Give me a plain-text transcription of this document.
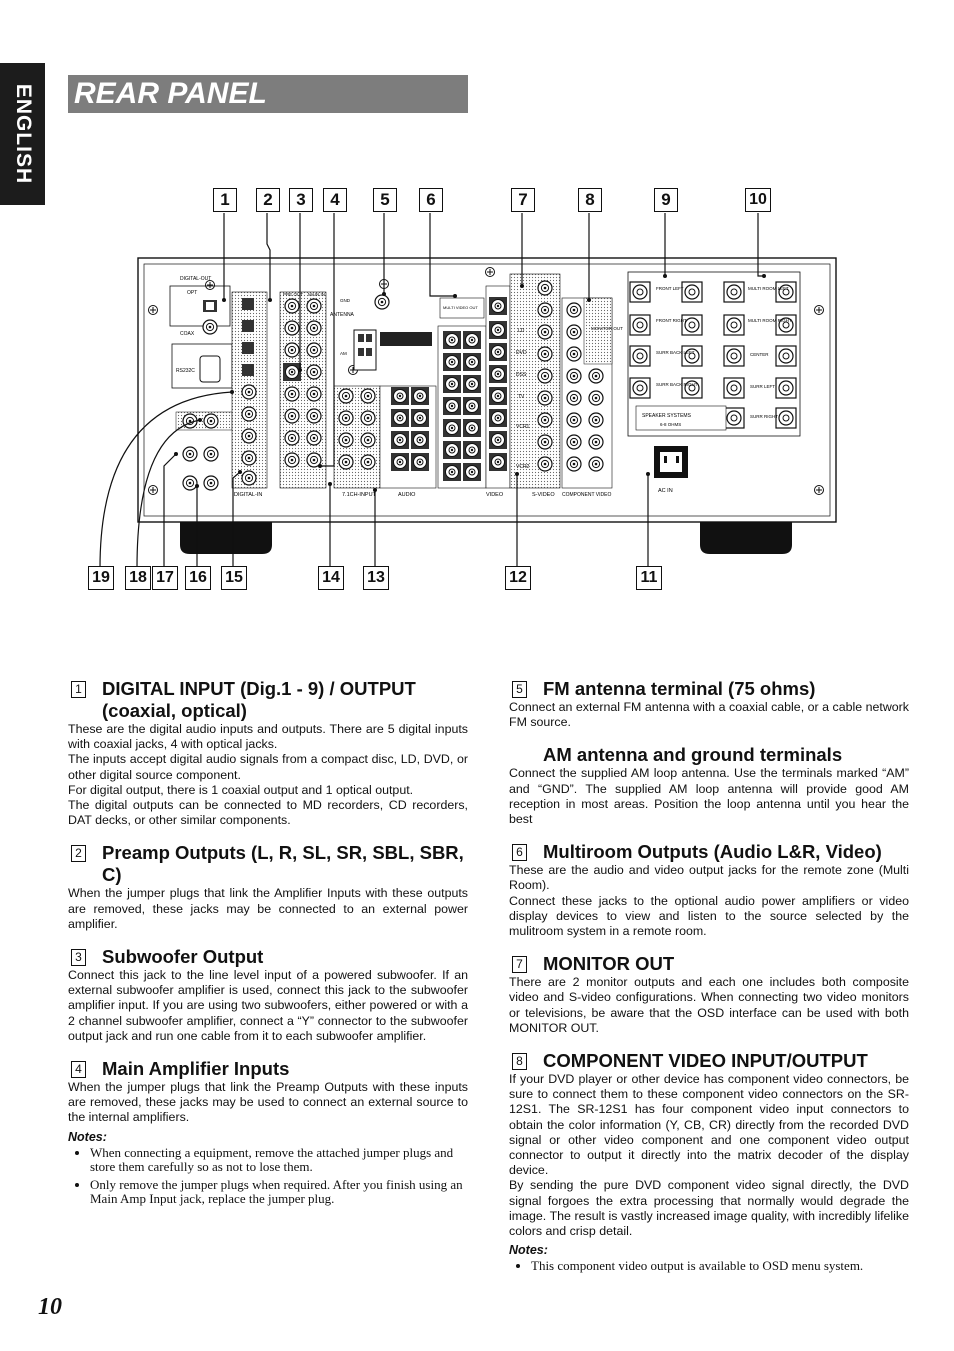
ENGLISH REAR PANEL
DIGITAL-OUT
OPT
COAX
RS232C
DIGITAL-IN
PRE OUT MAIN IN
ANTENNA
GND
AM
7.1CH-INPUT	AUDIO
MULTI VIDEO OUT
VIDEO
LD
DVD
DSS
TV
VCR1
VCR2
S-VIDEO
MONITOR OUT
COMPONENT VIDEO
FRONT LEFT
FRONT RIGHT
SURR BACK LEFT
SURR BACK RIGHT
MULTI ROOM LEFT
MULTI ROOM RIGHT
CENTER
SURR LEFT
SURR RIGHT
SPEAKER SYSTEMS
6-8 OHMS
AC IN
1	2	3	4	5	6	7	8	9	10
19 18 17 16 15	14 13	12	11
1 DIGITAL INPUT (Dig.1 - 9) / OUTPUT (coaxial, optical)

These are the digital audio inputs and outputs. There are 5 digital inputs with coaxial jacks, 4 with optical jacks.

The inputs accept digital audio signals from a compact disc, LD, DVD, or other digital source component.

For digital output, there is 1 coaxial output and 1 optical output.

The digital outputs can be connected to MD recorders, CD recorders, DAT decks, or other similar components.

2 Preamp Outputs (L, R, SL, SR, SBL, SBR, C)

When the jumper plugs that link the Amplifier Inputs with these outputs are removed, these jacks may be connected to an external power amplifier.

3 Subwoofer Output

Connect this jack to the line level input of a powered subwoofer. If an external subwoofer amplifier is used, connect this jack to the subwoofer amplifier input. If you are using two subwoofers, either powered or with a 2 channel subwoofer amplifier, connect a “Y” connector to the subwoofer output jack and run one cable from it to each subwoofer amplifier.

4 Main Amplifier Inputs

When the jumper plugs that link the Preamp Outputs with these inputs are removed, these jacks may be used to connect an external source to the internal amplifiers.

Notes:
• When connecting a equipment, remove the attached jumper plugs and store them carefully so as not to lose them.
• Only remove the jumper plugs when required. After you finish using an Main Amp Input jack, replace the jumper plug.
5 FM antenna terminal (75 ohms)

Connect an external FM antenna with a coaxial cable, or a cable network FM source.

AM antenna and ground terminals

Connect the supplied AM loop antenna. Use the terminals marked “AM” and “GND”. The supplied AM loop antenna will provide good AM reception in most areas. Position the loop antenna until you hear the best

6 Multiroom Outputs (Audio L&R, Video)

These are the audio and video output jacks for the remote zone (Multi Room).

Connect these jacks to the optional audio power amplifiers or video display devices to view and listen to the source selected by the mulitroom system in a remote room.

7 MONITOR OUT

There are 2 monitor outputs and each one includes both composite video and S-video configurations. When connecting two video monitors or televisions, be aware that the OSD interface can be used with both MONITOR OUT.

8 COMPONENT VIDEO INPUT/OUTPUT

If your DVD player or other device has component video connectors, be sure to connect them to these component video connectors on the SR-12S1. The SR-12S1 has four component video input connectors to obtain the color information (Y, CB, CR) directly from the recorded DVD signal or other video component and one component video output connector to output it directly into the matrix decoder of the display device.

By sending the pure DVD component video signal directly, the DVD signal forgoes the extra processing that normally would degrade the image. The result is vastly increased image quality, with incredibly lifelike colors and crisp detail.

Notes:
• This component video output is available to OSD menu system.
10
